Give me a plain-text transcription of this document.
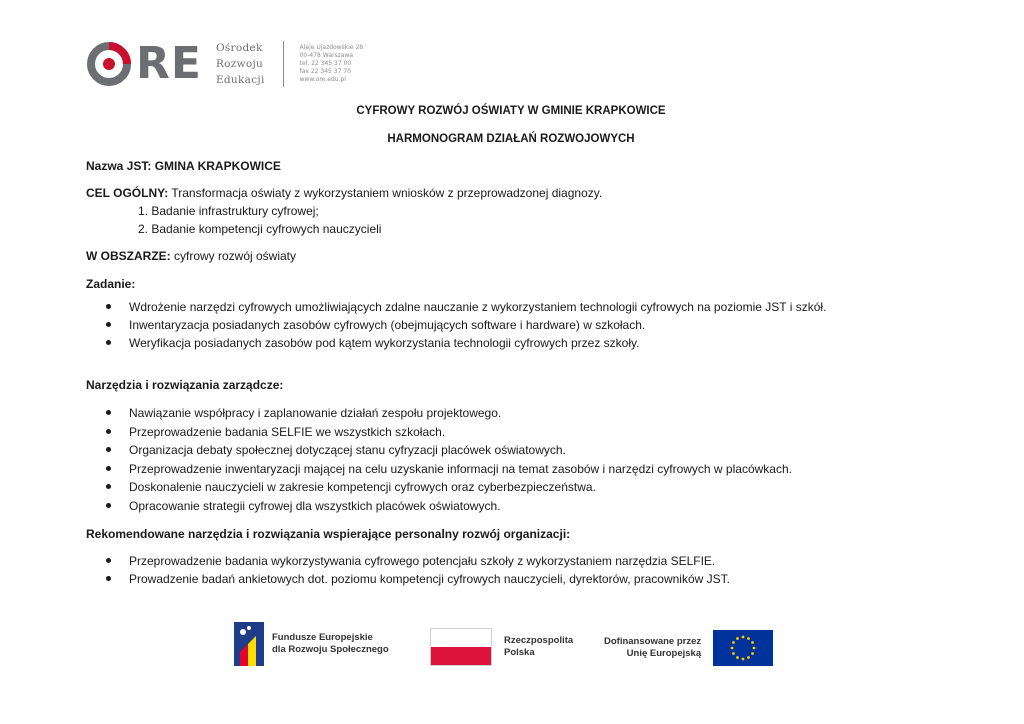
RE Ośrodek
Rozwoju
Edukacji
Aleje Ujazdowskie 28
00-478 Warszawa
tel. 22 345 37 00
fax 22 345 37 70
www.ore.edu.pl
CYFROWY ROZWÓJ OŚWIATY W GMINIE KRAPKOWICE
HARMONOGRAM DZIAŁAŃ ROZWOJOWYCH
Nazwa JST: GMINA KRAPKOWICE
CEL OGÓLNY: Transformacja oświaty z wykorzystaniem wniosków z przeprowadzonej diagnozy.
1. Badanie infrastruktury cyfrowej;
2. Badanie kompetencji cyfrowych nauczycieli
W OBSZARZE: cyfrowy rozwój oświaty
Zadanie:
Wdrożenie narzędzi cyfrowych umożliwiających zdalne nauczanie z wykorzystaniem technologii cyfrowych na poziomie JST i szkół.
Inwentaryzacja posiadanych zasobów cyfrowych (obejmujących software i hardware) w szkołach.
Weryfikacja posiadanych zasobów pod kątem wykorzystania technologii cyfrowych przez szkoły.
Narzędzia i rozwiązania zarządcze:
Nawiązanie współpracy i zaplanowanie działań zespołu projektowego.
Przeprowadzenie badania SELFIE we wszystkich szkołach.
Organizacja debaty społecznej dotyczącej stanu cyfryzacji placówek oświatowych.
Przeprowadzenie inwentaryzacji mającej na celu uzyskanie informacji na temat zasobów i narzędzi cyfrowych w placówkach.
Doskonalenie nauczycieli w zakresie kompetencji cyfrowych oraz cyberbezpieczeństwa.
Opracowanie strategii cyfrowej dla wszystkich placówek oświatowych.
Rekomendowane narzędzia i rozwiązania wspierające personalny rozwój organizacji:
Przeprowadzenie badania wykorzystywania cyfrowego potencjału szkoły z wykorzystaniem narzędzia SELFIE.
Prowadzenie badań ankietowych dot. poziomu kompetencji cyfrowych nauczycieli, dyrektorów, pracowników JST.
Fundusze Europejskie
dla Rozwoju Społecznego
Rzeczpospolita
Polska
Dofinansowane przez
Unię Europejską
